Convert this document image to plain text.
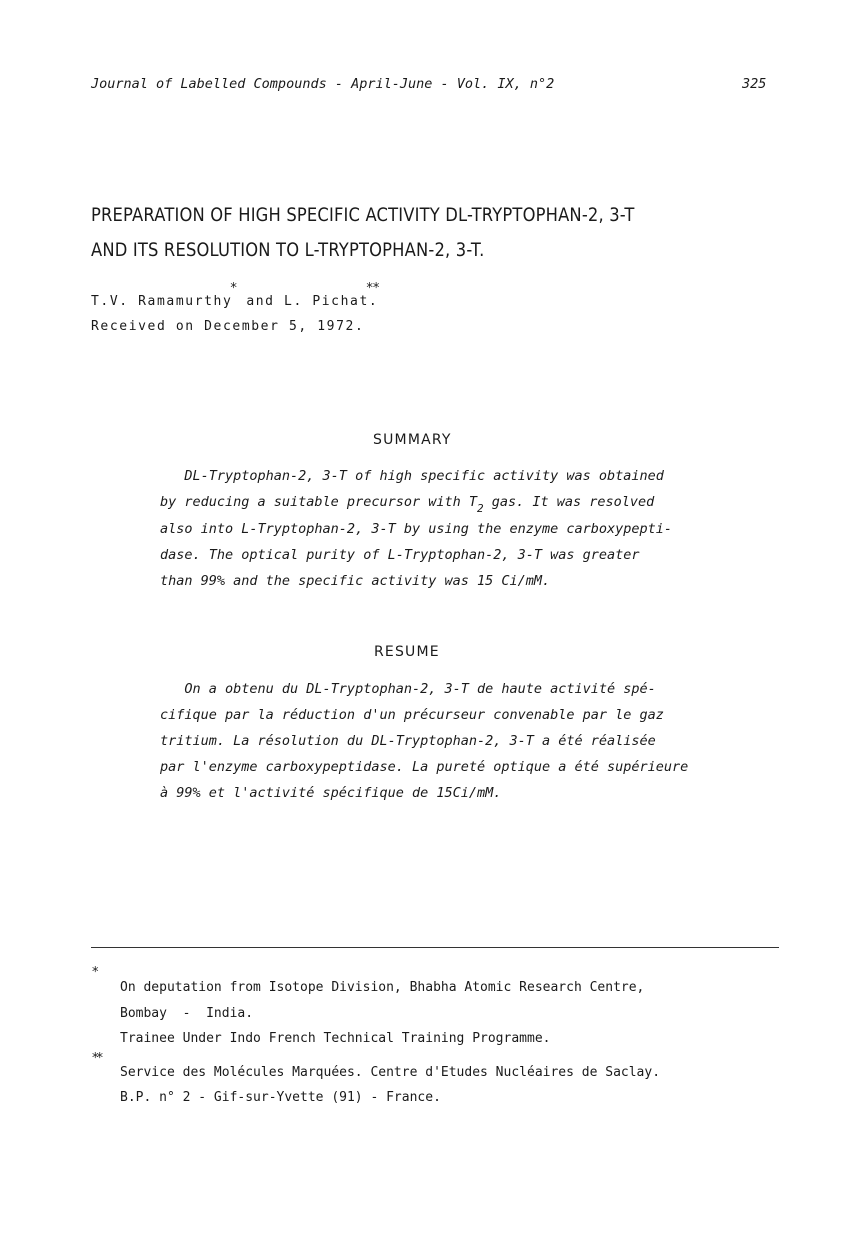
Journal of Labelled Compounds - April-June - Vol. IX, n°2	325
PREPARATION OF HIGH SPECIFIC ACTIVITY DL-TRYPTOPHAN-2, 3-T
AND ITS RESOLUTION TO L-TRYPTOPHAN-2, 3-T.
T.V. Ramamurthy* and L. Pichat.**
Received on December 5, 1972.
SUMMARY
DL-Tryptophan-2, 3-T of high specific activity was obtained
by reducing a suitable precursor with $T_2$ gas. It was resolved
also into L-Tryptophan-2, 3-T by using the enzyme carboxypepti-
dase. The optical purity of L-Tryptophan-2, 3-T was greater
than 99% and the specific activity was 15 Ci/mM.
RESUME
On a obtenu du DL-Tryptophan-2, 3-T de haute activité spé-
cifique par la réduction d'un précurseur convenable par le gaz
tritium. La résolution du DL-Tryptophan-2, 3-T a été réalisée
par l'enzyme carboxypeptidase. La pureté optique a été supérieure
à 99% et l'activité spécifique de 15Ci/mM.
*
**
On deputation from Isotope Division, Bhabha Atomic Research Centre,
Bombay  -  India.
Trainee Under Indo French Technical Training Programme.
Service des Molécules Marquées. Centre d'Etudes Nucléaires de Saclay.
B.P. n° 2 - Gif-sur-Yvette (91) - France.
